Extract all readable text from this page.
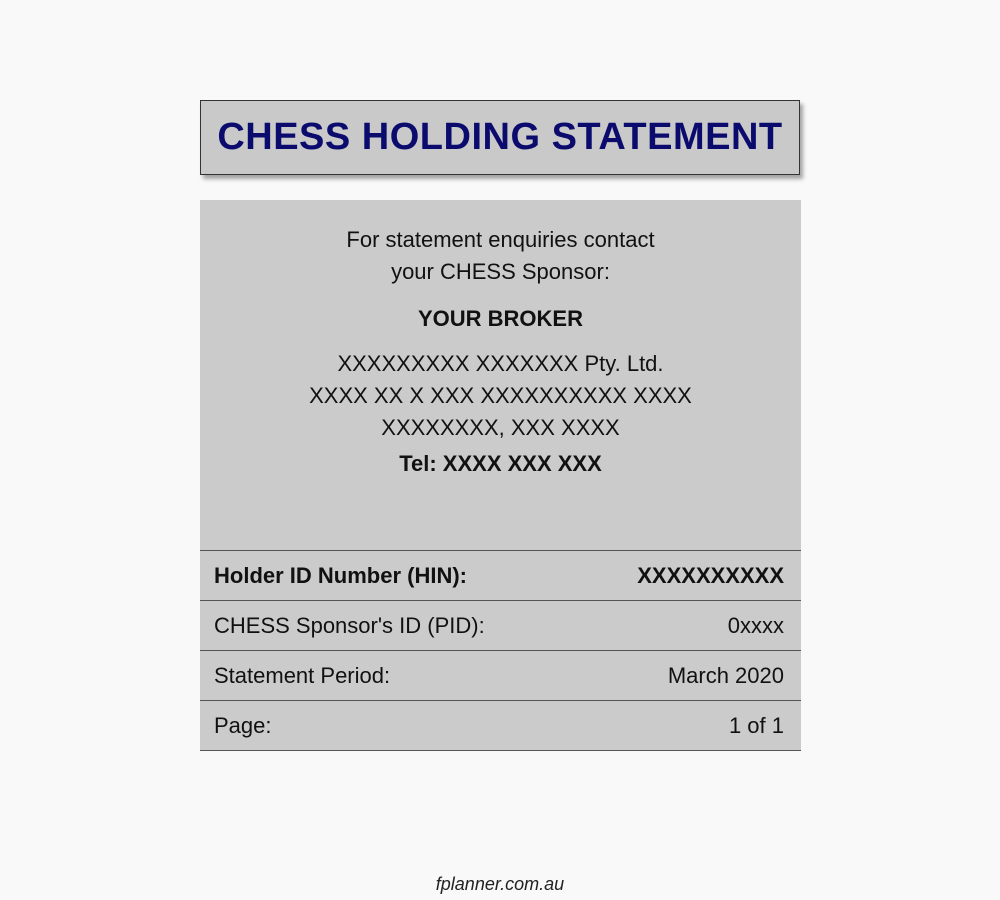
CHESS HOLDING STATEMENT
For statement enquiries contact
your CHESS Sponsor:
YOUR BROKER
XXXXXXXXX XXXXXXX Pty. Ltd.
XXXX XX X XXX XXXXXXXXXX XXXX
XXXXXXXX, XXX XXXX
Tel: XXXX XXX XXX
Holder ID Number (HIN):	XXXXXXXXXX
CHESS Sponsor's ID (PID):	0xxxx
Statement Period:	March 2020
Page:	1 of 1
fplanner.com.au
